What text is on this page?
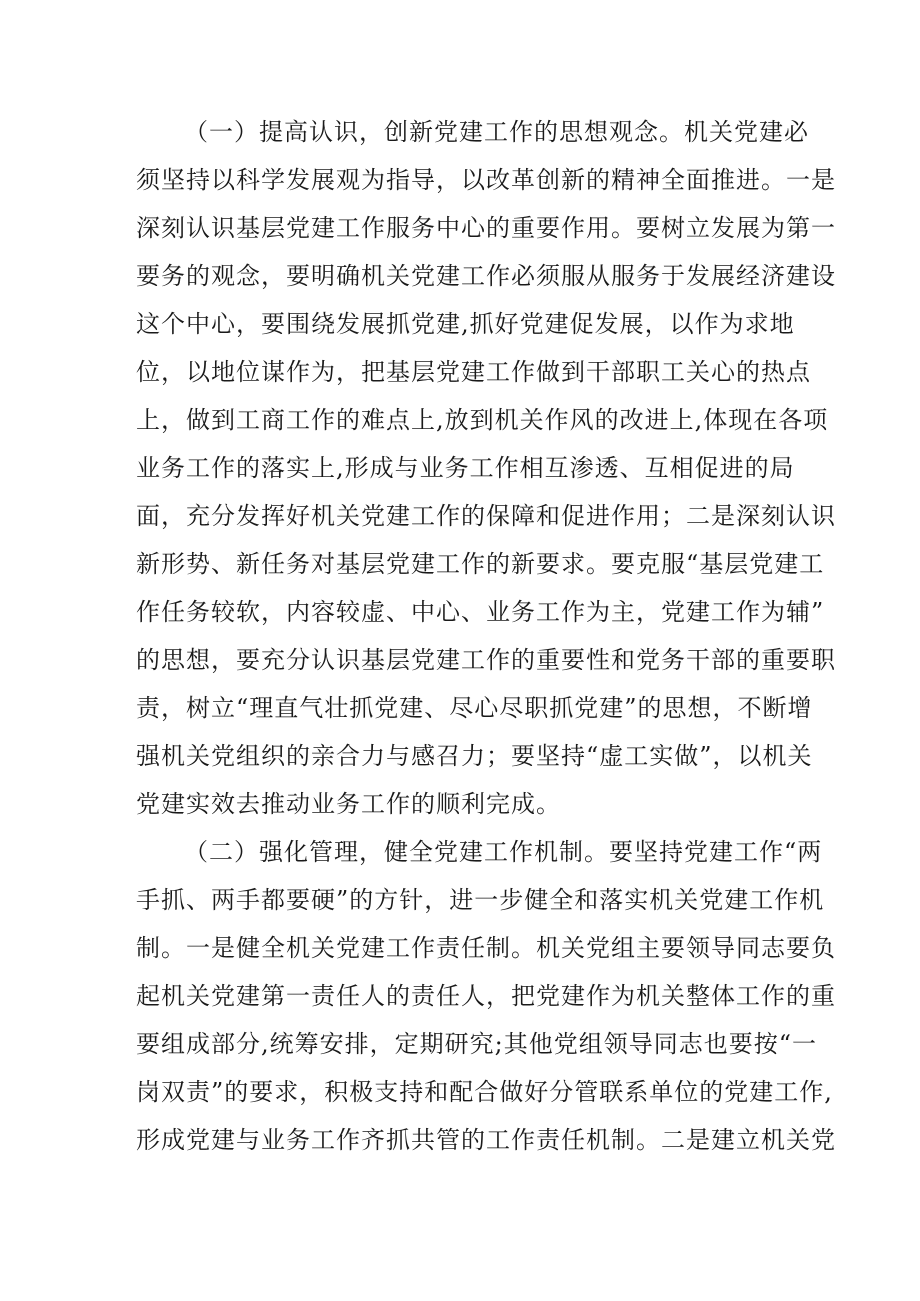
（一）提高认识，创新党建工作的思想观念。机关党建必
须坚持以科学发展观为指导，以改革创新的精神全面推进。一是
深刻认识基层党建工作服务中心的重要作用。要树立发展为第一
要务的观念，要明确机关党建工作必须服从服务于发展经济建设
这个中心，要围绕发展抓党建,抓好党建促发展，以作为求地
位，以地位谋作为，把基层党建工作做到干部职工关心的热点
上，做到工商工作的难点上,放到机关作风的改进上,体现在各项
业务工作的落实上,形成与业务工作相互渗透、互相促进的局
面，充分发挥好机关党建工作的保障和促进作用；二是深刻认识
新形势、新任务对基层党建工作的新要求。要克服“基层党建工
作任务较软，内容较虚、中心、业务工作为主，党建工作为辅”
的思想，要充分认识基层党建工作的重要性和党务干部的重要职
责，树立“理直气壮抓党建、尽心尽职抓党建”的思想，不断增
强机关党组织的亲合力与感召力；要坚持“虚工实做”，以机关
党建实效去推动业务工作的顺利完成。
（二）强化管理，健全党建工作机制。要坚持党建工作“两
手抓、两手都要硬”的方针，进一步健全和落实机关党建工作机
制。一是健全机关党建工作责任制。机关党组主要领导同志要负
起机关党建第一责任人的责任人，把党建作为机关整体工作的重
要组成部分,统筹安排，定期研究;其他党组领导同志也要按“一
岗双责”的要求，积极支持和配合做好分管联系单位的党建工作,
形成党建与业务工作齐抓共管的工作责任机制。二是建立机关党
